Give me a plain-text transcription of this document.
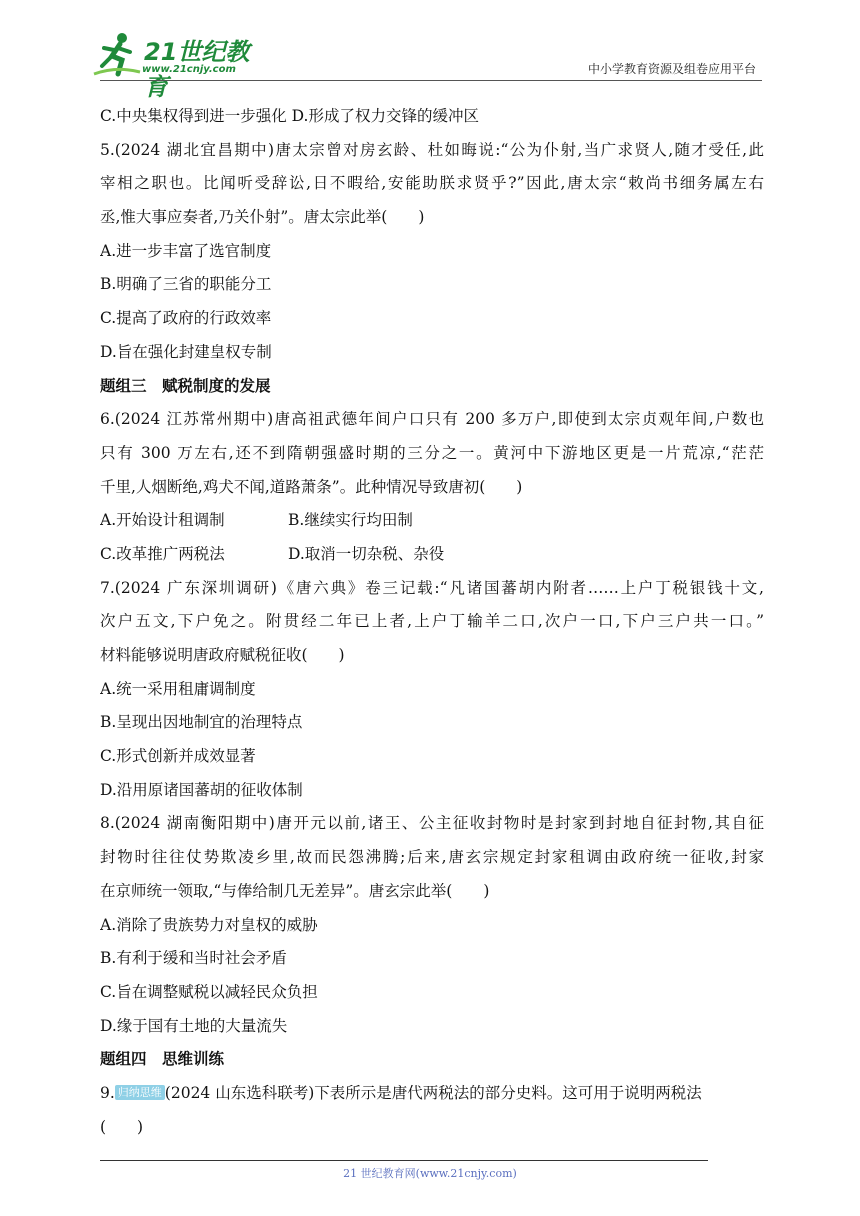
21世纪教育
www.21cnjy.com	中小学教育资源及组卷应用平台
C.中央集权得到进一步强化 D.形成了权力交锋的缓冲区
5.(2024 湖北宜昌期中)唐太宗曾对房玄龄、杜如晦说:“公为仆射,当广求贤人,随才受任,此
宰相之职也。比闻听受辞讼,日不暇给,安能助朕求贤乎?”因此,唐太宗“敕尚书细务属左右
丞,惟大事应奏者,乃关仆射”。唐太宗此举(　　)
A.进一步丰富了选官制度
B.明确了三省的职能分工
C.提高了政府的行政效率
D.旨在强化封建皇权专制
题组三　赋税制度的发展
6.(2024 江苏常州期中)唐高祖武德年间户口只有 200 多万户,即使到太宗贞观年间,户数也
只有 300 万左右,还不到隋朝强盛时期的三分之一。黄河中下游地区更是一片荒凉,“茫茫
千里,人烟断绝,鸡犬不闻,道路萧条”。此种情况导致唐初(　　)
A.开始设计租调制	B.继续实行均田制
C.改革推广两税法	D.取消一切杂税、杂役
7.(2024 广东深圳调研)《唐六典》卷三记载:“凡诸国蕃胡内附者……上户丁税银钱十文,
次户五文,下户免之。附贯经二年已上者,上户丁输羊二口,次户一口,下户三户共一口。”
材料能够说明唐政府赋税征收(　　)
A.统一采用租庸调制度
B.呈现出因地制宜的治理特点
C.形式创新并成效显著
D.沿用原诸国蕃胡的征收体制
8.(2024 湖南衡阳期中)唐开元以前,诸王、公主征收封物时是封家到封地自征封物,其自征
封物时往往仗势欺凌乡里,故而民怨沸腾;后来,唐玄宗规定封家租调由政府统一征收,封家
在京师统一领取,“与俸给制几无差异”。唐玄宗此举(　　)
A.消除了贵族势力对皇权的威胁
B.有利于缓和当时社会矛盾
C.旨在调整赋税以减轻民众负担
D.缘于国有土地的大量流失
题组四　思维训练
9. 归纳思维 (2024 山东选科联考)下表所示是唐代两税法的部分史料。这可用于说明两税法
(　　)
21 世纪教育网(www.21cnjy.com)
